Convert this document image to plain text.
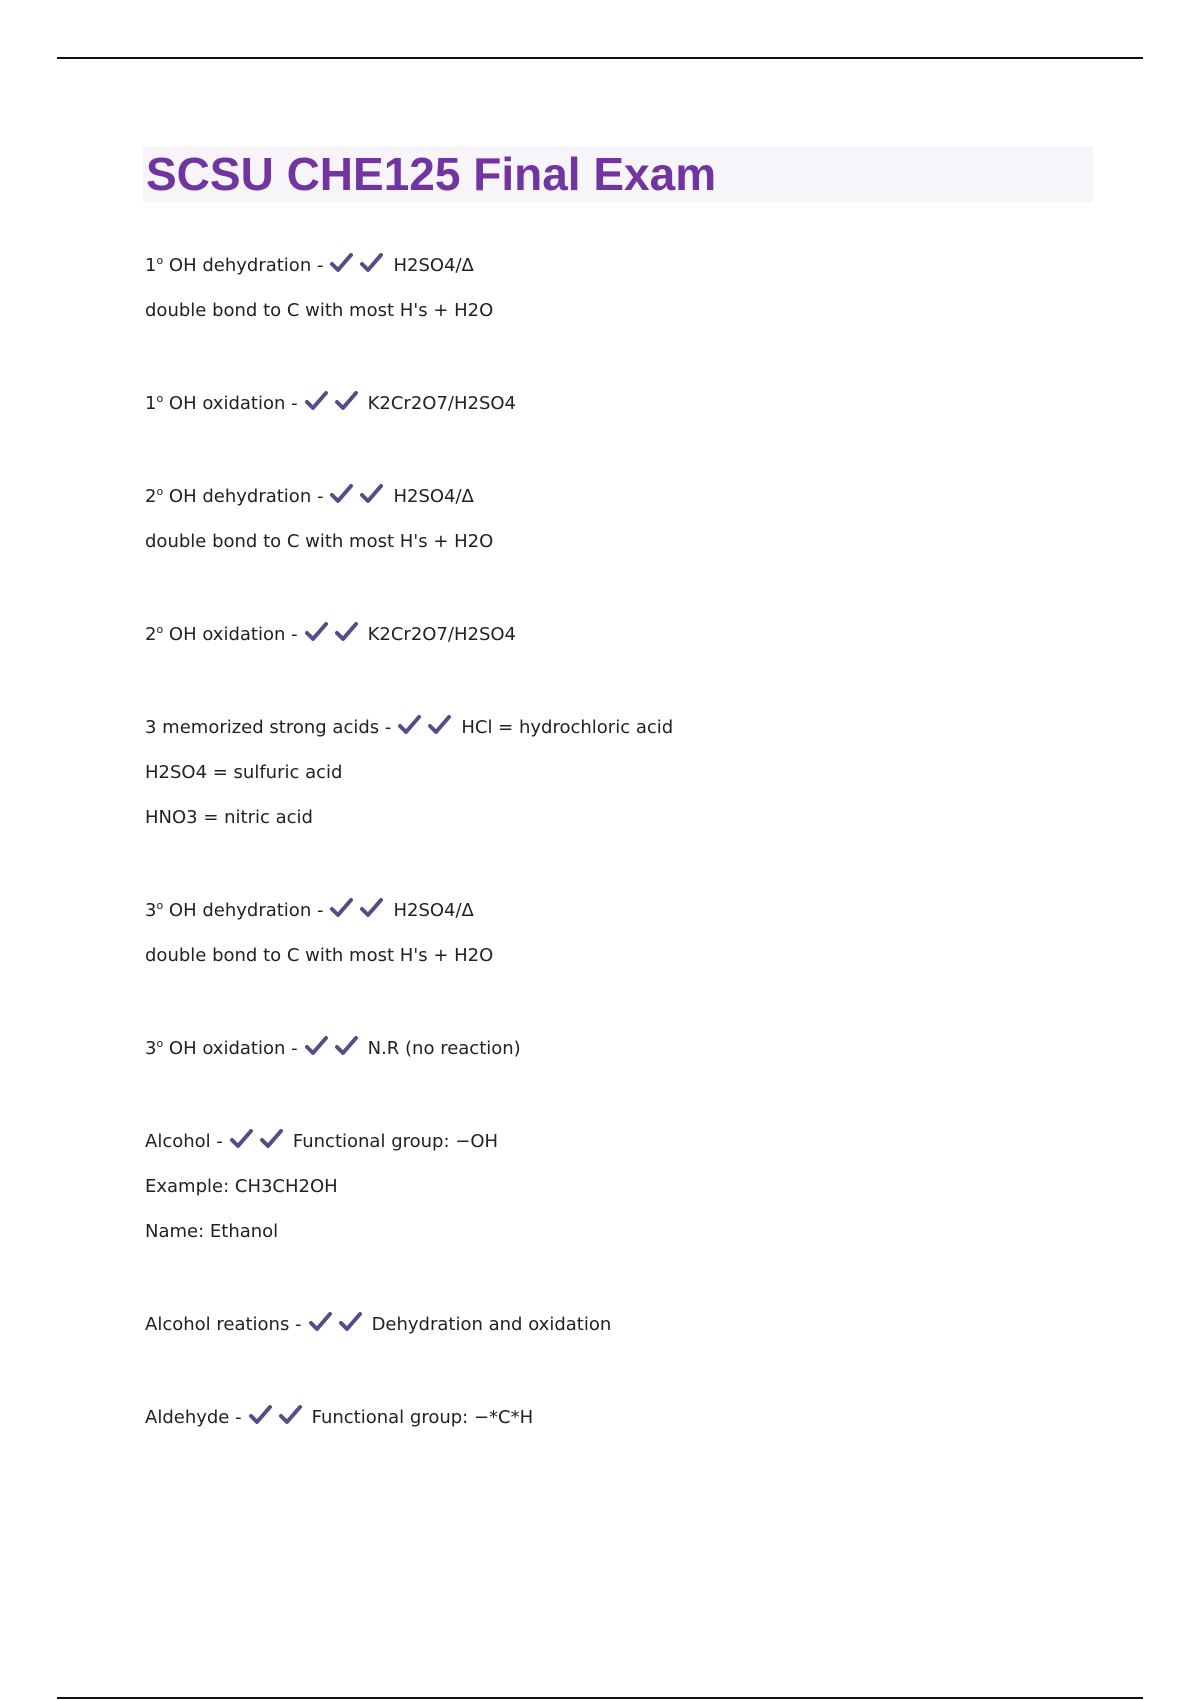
SCSU CHE125 Final Exam
1$^o$ OH dehydration -	H2SO4/Δ
double bond to C with most H's + H2O
1$^o$ OH oxidation -	K2Cr2O7/H2SO4
2$^o$ OH dehydration -	H2SO4/Δ
double bond to C with most H's + H2O
2$^o$ OH oxidation -	K2Cr2O7/H2SO4
3 memorized strong acids -	HCl = hydrochloric acid
H2SO4 = sulfuric acid
HNO3 = nitric acid
3$^o$ OH dehydration -	H2SO4/Δ
double bond to C with most H's + H2O
3$^o$ OH oxidation -	N.R (no reaction)
Alcohol -	Functional group: −OH
Example: CH3CH2OH
Name: Ethanol
Alcohol reations -	Dehydration and oxidation
Aldehyde -	Functional group: −*C*H
